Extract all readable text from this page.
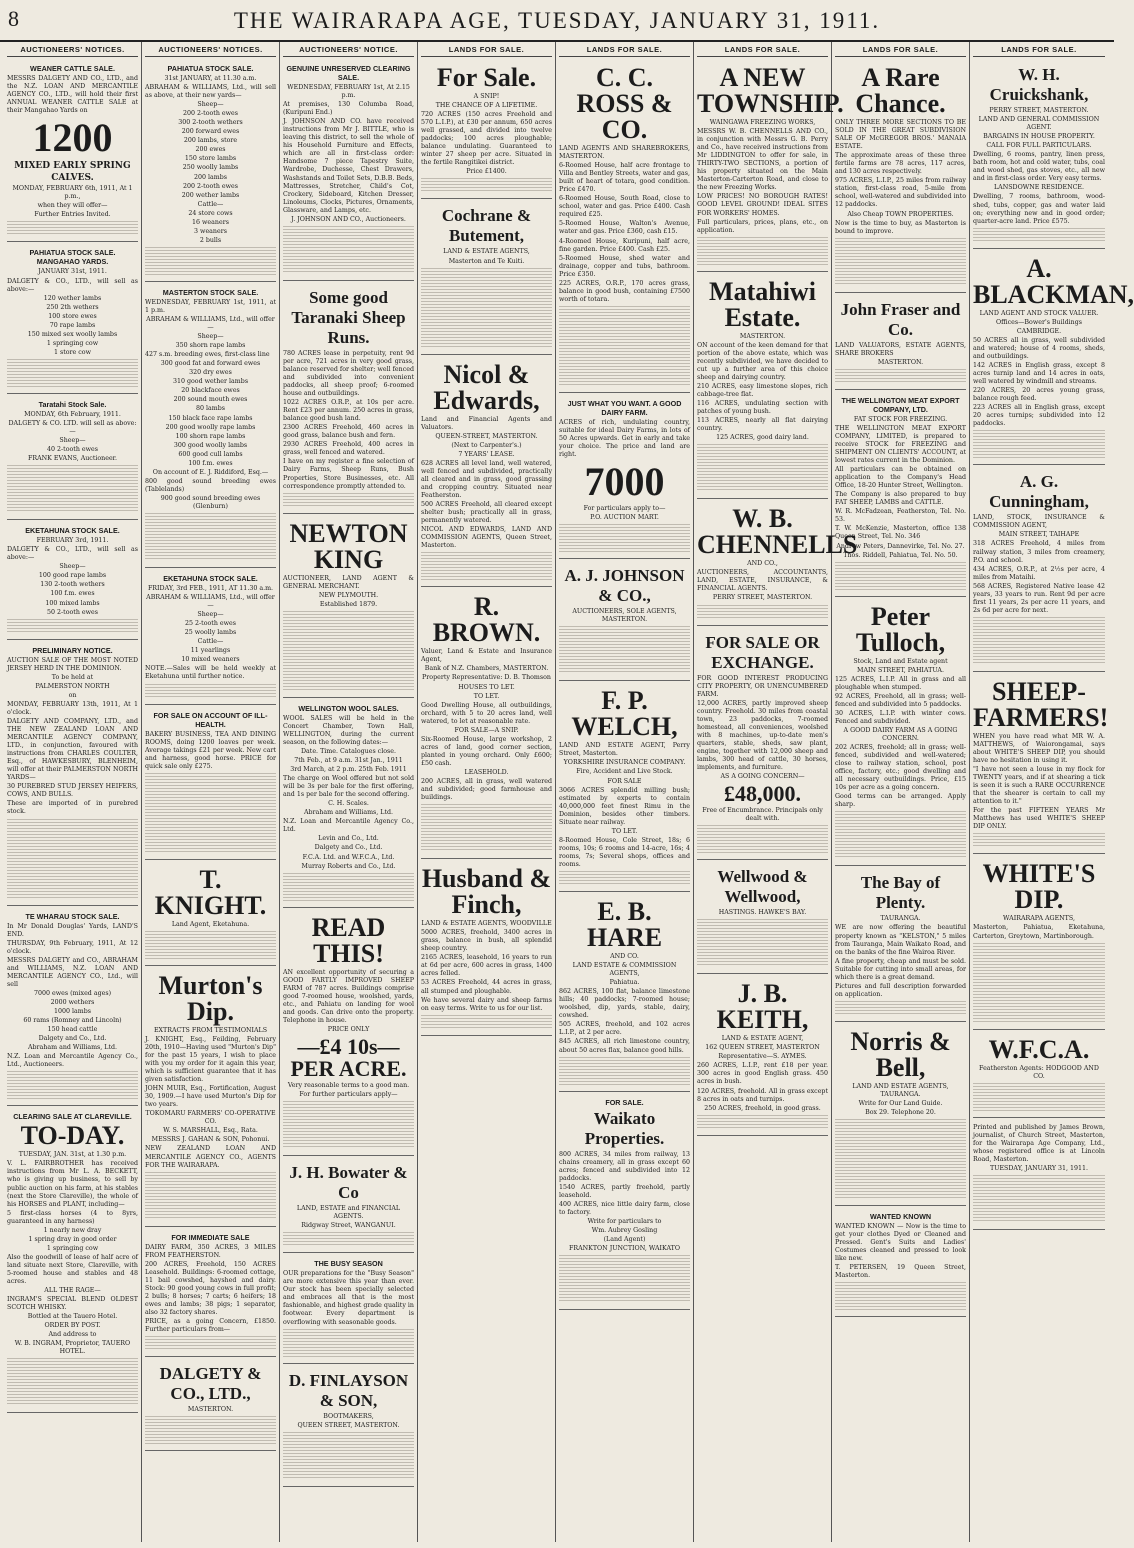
8	THE WAIRARAPA AGE, TUESDAY, JANUARY 31, 1911.
AUCTIONEERS' NOTICES.
WEANER CATTLE SALE.

MESSRS DALGETY AND CO., LTD., and the N.Z. LOAN AND MERCANTILE AGENCY CO., LTD., will hold their first ANNUAL WEANER CATTLE SALE at their Mangahao Yards on

1200

MIXED EARLY SPRING CALVES.

MONDAY, FEBRUARY 6th, 1911, At 1 p.m.,

when they will offer—

Further Entries Invited.

PAHIATUA STOCK SALE. MANGAHAO YARDS.

JANUARY 31st, 1911.

DALGETY & CO., LTD., will sell as above:—

120 wether lambs

250 2th wethers

100 store ewes

70 rape lambs

150 mixed sex woolly lambs

1 springing cow

1 store cow

Taratahi Stock Sale.

MONDAY, 6th February, 1911.

DALGETY & CO. LTD. will sell as above:—

Sheep—

40 2-tooth ewes

FRANK EVANS, Auctioneer.

EKETAHUNA STOCK SALE.

FEBRUARY 3rd, 1911.

DALGETY & CO., LTD., will sell as above:—

Sheep—

100 good rape lambs

130 2-tooth wethers

100 f.m. ewes

100 mixed lambs

50 2-tooth ewes

PRELIMINARY NOTICE.

AUCTION SALE OF THE MOST NOTED JERSEY HERD IN THE DOMINION.

To be held at

PALMERSTON NORTH

on

MONDAY, FEBRUARY 13th, 1911, At 1 o'clock.

DALGETY AND COMPANY, LTD., and THE NEW ZEALAND LOAN AND MERCANTILE AGENCY COMPANY, LTD., in conjunction, favoured with instructions from CHARLES COULTER, Esq., of HAWKESBURY, BLENHEIM, will offer at their PALMERSTON NORTH YARDS—

30 PUREBRED STUD JERSEY HEIFERS, COWS, AND BULLS.

These are imported of in purebred stock.

TE WHARAU STOCK SALE.

In Mr Donald Douglas' Yards, LAND'S END.

THURSDAY, 9th February, 1911, At 12 o'clock.

MESSRS DALGETY and CO., ABRAHAM and WILLIAMS, N.Z. LOAN AND MERCANTILE AGENCY CO., Ltd., will sell

7000 ewes (mixed ages)

2000 wethers

1000 lambs

60 rams (Romney and Lincoln)

150 head cattle

Dalgety and Co., Ltd.

Abraham and Williams, Ltd.

N.Z. Loan and Mercantile Agency Co., Ltd., Auctioneers.

CLEARING SALE AT CLAREVILLE.
TO-DAY.

TUESDAY, JAN. 31st, at 1.30 p.m.

V. L. FAIRBROTHER has received instructions from Mr L. A. BECKETT, who is giving up business, to sell by public auction on his farm, at his stables (next the Store Clareville), the whole of his HORSES and PLANT, including—

5 first-class horses (4 to 8yrs, guaranteed in any harness)

1 nearly new dray

1 spring dray in good order

1 springing cow

Also the goodwill of lease of half acre of land situate next Store, Clareville, with 5-roomed house and stables and 48 acres.

ALL THE RAGE—

INGRAM'S SPECIAL BLEND OLDEST SCOTCH WHISKY.

Bottled at the Tauero Hotel.

ORDER BY POST.

And address to

W. B. INGRAM, Proprietor, TAUERO HOTEL.

AUCTIONEERS' NOTICES.
PAHIATUA STOCK SALE.

31st JANUARY, at 11.30 a.m.

ABRAHAM & WILLIAMS, Ltd., will sell as above, at their new yards—

Sheep—

200 2-tooth ewes

300 2-tooth wethers

200 forward ewes

200 lambs, store

200 ewes

150 store lambs

250 woolly lambs

200 lambs

200 2-tooth ewes

200 wether lambs

Cattle—

24 store cows

16 weaners

3 weaners

2 bulls

MASTERTON STOCK SALE.

WEDNESDAY, FEBRUARY 1st, 1911, at 1 p.m.

ABRAHAM & WILLIAMS, Ltd., will offer—

Sheep—

350 shorn rape lambs

427 s.m. breeding ewes, first-class line

300 good fat and forward ewes

320 dry ewes

310 good wether lambs

20 blackface ewes

200 sound mouth ewes

80 lambs

150 black face rape lambs

200 good woolly rape lambs

100 shorn rape lambs

300 good woolly lambs

600 good cull lambs

100 f.m. ewes

On account of E. J. Riddiford, Esq.—

800 good sound breeding ewes (Tablelands)

900 good sound breeding ewes (Glenburn)

EKETAHUNA STOCK SALE.

FRIDAY, 3rd FEB., 1911, AT 11.30 a.m.

ABRAHAM & WILLIAMS, Ltd., will offer—

Sheep—

25 2-tooth ewes

25 woolly lambs

Cattle—

11 yearlings

10 mixed weaners

NOTE.—Sales will be held weekly at Eketahuna until further notice.

FOR SALE ON ACCOUNT OF ILL-HEALTH.

BAKERY BUSINESS, TEA AND DINING ROOMS, doing 1200 loaves per week. Average takings £21 per week. New cart and harness, good horse. PRICE for quick sale only £275.

T. KNIGHT.

Land Agent, Eketahuna.

Murton's Dip.

EXTRACTS FROM TESTIMONIALS

J. KNIGHT, Esq., Feilding, February 20th, 1910—Having used "Murton's Dip" for the past 15 years, I wish to place with you my order for it again this year, which is sufficient guarantee that it has given satisfaction.

JOHN MUIR, Esq., Fortification, August 30, 1909.—I have used Murton's Dip for two years.

TOKOMARU FARMERS' CO-OPERATIVE CO.

W. S. MARSHALL, Esq., Rata.

MESSRS J. GAHAN & SON, Pohonui.

NEW ZEALAND LOAN AND MERCANTILE AGENCY CO., AGENTS FOR THE WAIRARAPA.

FOR IMMEDIATE SALE

DAIRY FARM, 350 ACRES, 3 MILES FROM FEATHERSTON.

200 ACRES, Freehold, 150 ACRES Leasehold. Buildings: 6-roomed cottage, 11 bail cowshed, hayshed and dairy. Stock: 90 good young cows in full profit; 2 bulls; 8 horses; 7 carts; 6 heifers; 18 ewes and lambs; 38 pigs; 1 separator, also 32 factory shares.

PRICE, as a going Concern, £1850. Further particulars from—

DALGETY & CO., LTD.,

MASTERTON.

AUCTIONEERS' NOTICE.
GENUINE UNRESERVED CLEARING SALE.

WEDNESDAY, FEBRUARY 1st, At 2.15 p.m.

At premises, 130 Columba Road, (Kuripuni End.)

J. JOHNSON AND CO. have received instructions from Mr J. BITTLE, who is leaving this district, to sell the whole of his Household Furniture and Effects, which are all in first-class order: Handsome 7 piece Tapestry Suite, Wardrobe, Duchesse, Chest Drawers, Washstands and Toilet Sets, D.B.B. Beds, Mattresses, Stretcher, Child's Cot, Crockery, Sideboard, Kitchen Dresser, Linoleums, Clocks, Pictures, Ornaments, Glassware, and Lamps, etc.

J. JOHNSON AND CO., Auctioneers.

Some good Taranaki Sheep Runs.

780 ACRES lease in perpetuity, rent 9d per acre, 721 acres in very good grass, balance reserved for shelter; well fenced and subdivided into convenient paddocks, all sheep proof; 6-roomed house and outbuildings.

1022 ACRES O.R.P., at 10s per acre. Rent £23 per annum. 250 acres in grass, balance good bush land.

2300 ACRES Freehold, 460 acres in good grass, balance bush and fern.

2930 ACRES Freehold, 400 acres in grass, well fenced and watered.

I have on my register a fine selection of Dairy Farms, Sheep Runs, Bush Properties, Store Businesses, etc. All correspondence promptly attended to.

NEWTON KING

AUCTIONEER, LAND AGENT & GENERAL MERCHANT.

NEW PLYMOUTH.

Established 1879.

WELLINGTON WOOL SALES.

WOOL SALES will be held in the Concert Chamber, Town Hall, WELLINGTON, during the current season, on the following dates:—

Date. Time. Catalogues close.

7th Feb., at 9 a.m. 31st Jan., 1911

3rd March, at 2 p.m. 25th Feb. 1911

The charge on Wool offered but not sold will be 3s per bale for the first offering, and 1s per bale for the second offering.

C. H. Scales.

Abraham and Williams, Ltd.

N.Z. Loan and Mercantile Agency Co., Ltd.

Levin and Co., Ltd.

Dalgety and Co., Ltd.

F.C.A. Ltd. and W.F.C.A., Ltd.

Murray Roberts and Co., Ltd.

READ THIS!

AN excellent opportunity of securing a GOOD FARTLY IMPROVED SHEEP FARM of 787 acres. Buildings comprise good 7-roomed house, woolshed, yards, etc., and Pahiatu on landing for wool and goods. Can drive onto the property. Telephone in house.

PRICE ONLY

—£4 10s— PER ACRE.

Very reasonable terms to a good man.

For further particulars apply—

J. H. Bowater & Co

LAND, ESTATE and FINANCIAL AGENTS.

Ridgway Street, WANGANUI.

THE BUSY SEASON

OUR preparations for the "Busy Season" are more extensive this year than ever. Our stock has been specially selected and embraces all that is the most fashionable, and highest grade quality in footwear. Every department is overflowing with seasonable goods.

D. FINLAYSON & SON,

BOOTMAKERS,

QUEEN STREET, MASTERTON.

LANDS FOR SALE.
For Sale.

A SNIP!

THE CHANCE OF A LIFETIME.

720 ACRES (150 acres Freehold and 570 L.I.P.), at £30 per annum, 650 acres well grassed, and divided into twelve paddocks; 100 acres ploughable; balance undulating. Guaranteed to winter 27 sheep per acre. Situated in the fertile Rangitikei district.

Price £1400.

Cochrane & Butement,

LAND & ESTATE AGENTS,

Masterton and Te Kuiti.

Nicol & Edwards,

Land and Financial Agents and Valuators.

QUEEN-STREET, MASTERTON.

(Next to Carpenter's.)

7 YEARS' LEASE.

628 ACRES all level land, well watered, well fenced and subdivided, practically all cleared and in grass, good grassing and cropping country. Situated near Featherston.

500 ACRES Freehold, all cleared except shelter bush; practically all in grass, permanently watered.

NICOL AND EDWARDS, LAND AND COMMISSION AGENTS, Queen Street, Masterton.

R. BROWN.

Valuer, Land & Estate and Insurance Agent,

Bank of N.Z. Chambers, MASTERTON.

Property Representative: D. B. Thomson

HOUSES TO LET.

TO LET.

Good Dwelling House, all outbuildings, orchard, with 5 to 20 acres land, well watered, to let at reasonable rate.

FOR SALE—A SNIP.

Six-Roomed House, large workshop, 2 acres of land, good corner section, planted in young orchard. Only £600; £50 cash.

LEASEHOLD.

200 ACRES, all in grass, well watered and subdivided; good farmhouse and buildings.

Husband & Finch,

LAND & ESTATE AGENTS, WOODVILLE

5000 ACRES, freehold, 3400 acres in grass, balance in bush, all splendid sheep country.

2165 ACRES, leasehold, 16 years to run at 6d per acre, 600 acres in grass, 1400 acres felled.

53 ACRES Freehold, 44 acres in grass, all stumped and ploughable.

We have several dairy and sheep farms on easy terms. Write to us for our list.

LANDS FOR SALE.
C. C. ROSS & CO.

LAND AGENTS AND SHAREBROKERS, MASTERTON.

6-Roomed House, half acre frontage to Villa and Bentley Streets, water and gas, built of heart of totara, good condition. Price £470.

6-Roomed House, South Road, close to school, water and gas. Price £400. Cash required £25.

5-Roomed House, Walton's Avenue, water and gas. Price £360, cash £15.

4-Roomed House, Kuripuni, half acre, fine garden. Price £400. Cash £25.

5-Roomed House, shed water and drainage, copper and tubs, bathroom. Price £350.

225 ACRES, O.R.P., 170 acres grass, balance in good bush, containing £7500 worth of totara.

JUST WHAT YOU WANT. A GOOD DAIRY FARM.

ACRES of rich, undulating country, suitable for ideal Dairy Farms, in lots of 50 Acres upwards. Get in early and take your choice. The price and land are right.

7000

For particulars apply to—

P.O. AUCTION MART.

A. J. JOHNSON & CO.,

AUCTIONEERS, SOLE AGENTS, MASTERTON.

F. P. WELCH,

LAND AND ESTATE AGENT, Perry Street, Masterton.

YORKSHIRE INSURANCE COMPANY.

Fire, Accident and Live Stock.

FOR SALE

3066 ACRES splendid milling bush; estimated by experts to contain 40,000,000 feet finest Rimu in the Dominion, besides other timbers. Situate near railway.

TO LET.

8-Roomed House, Cole Street, 18s; 6 rooms, 10s; 6 rooms and 14-acre, 16s; 4 rooms, 7s; Several shops, offices and rooms.

E. B. HARE

AND CO.

LAND ESTATE & COMMISSION AGENTS,

Pahiatua.

862 ACRES, 100 flat, balance limestone hills; 40 paddocks; 7-roomed house; woolshed, dip, yards, stable, dairy, cowshed.

505 ACRES, freehold, and 102 acres L.I.P., at 2 per acre.

845 ACRES, all rich limestone country, about 50 acres flax, balance good hills.

FOR SALE.
Waikato Properties.

800 ACRES, 34 miles from railway, 13 chains creamery, all in grass except 60 acres; fenced and subdivided into 12 paddocks.

1540 ACRES, partly freehold, partly leasehold.

400 ACRES, nice little dairy farm, close to factory.

Write for particulars to

Wm. Aubrey Gosling

(Land Agent)

FRANKTON JUNCTION, WAIKATO

LANDS FOR SALE.
A NEW TOWNSHIP.

WAINGAWA FREEZING WORKS,

MESSRS W. B. CHENNELLS AND CO., in conjunction with Messrs G. B. Perry and Co., have received instructions from Mr LIDDINGTON to offer for sale, in THIRTY-TWO SECTIONS, a portion of his property situated on the Main Masterton-Carterton Road, and close to the new Freezing Works.

LOW PRICES! NO BOROUGH RATES! GOOD LEVEL GROUND! IDEAL SITES FOR WORKERS' HOMES.

Full particulars, prices, plans, etc., on application.

Matahiwi Estate.

MASTERTON.

ON account of the keen demand for that portion of the above estate, which was recently subdivided, we have decided to cut up a further area of this choice sheep and dairying country.

210 ACRES, easy limestone slopes, rich cabbage-tree flat.

116 ACRES, undulating section with patches of young bush.

113 ACRES, nearly all flat dairying country.

125 ACRES, good dairy land.

W. B. CHENNELLS

AND CO.,

AUCTIONEERS, ACCOUNTANTS, LAND, ESTATE, INSURANCE, & FINANCIAL AGENTS.

PERRY STREET, MASTERTON.

FOR SALE OR EXCHANGE.

FOR GOOD INTEREST PRODUCING CITY PROPERTY, OR UNENCUMBERED FARM.

12,000 ACRES, partly improved sheep country. Freehold. 30 miles from coastal town, 23 paddocks, 7-roomed homestead, all conveniences, woolshed with 8 machines, up-to-date men's quarters, stable, sheds, saw plant, engine, together with 12,000 sheep and lambs, 300 head of cattle, 30 horses, implements, and furniture.

AS A GOING CONCERN—

£48,000.

Free of Encumbrance. Principals only dealt with.

Wellwood & Wellwood,

HASTINGS. HAWKE'S BAY.

J. B. KEITH,

LAND & ESTATE AGENT,

162 QUEEN STREET, MASTERTON

Representative—S. AYMES.

260 ACRES, L.I.P., rent £18 per year. 300 acres in good English grass. 450 acres in bush.

120 ACRES, freehold. All in grass except 8 acres in oats and turnips.

250 ACRES, freehold, in good grass.

LANDS FOR SALE.
A Rare Chance.

ONLY THREE MORE SECTIONS TO BE SOLD IN THE GREAT SUBDIVISION SALE OF McGREGOR BROS.' MANAIA ESTATE.

The approximate areas of these three fertile farms are 78 acres, 117 acres, and 130 acres respectively.

975 ACRES, L.I.P., 25 miles from railway station, first-class road, 5-mile from school, well-watered and subdivided into 12 paddocks.

Also Cheap TOWN PROPERTIES.

Now is the time to buy, as Masterton is bound to improve.

John Fraser and Co.

LAND VALUATORS, ESTATE AGENTS, SHARE BROKERS

MASTERTON.

THE WELLINGTON MEAT EXPORT COMPANY, LTD.

FAT STOCK FOR FREEZING.

THE WELLINGTON MEAT EXPORT COMPANY, LIMITED, is prepared to receive STOCK for FREEZING and SHIPMENT ON CLIENTS' ACCOUNT, at lowest rates current in the Dominion.

All particulars can be obtained on application to the Company's Head Office, 18-20 Hunter Street, Wellington.

The Company is also prepared to buy FAT SHEEP, LAMBS and CATTLE.

W. R. McFadzean, Featherston, Tel. No. 53.

T. W. McKenzie, Masterton, office 138 Queen Street, Tel. No. 346

Andrew Peters, Dannevirke, Tel. No. 27.

Thos. Riddell, Pahiatua, Tel. No. 50.

Peter Tulloch,

Stock, Land and Estate agent

MAIN STREET, PAHIATUA.

125 ACRES, L.I.P. All in grass and all ploughable when stumped.

92 ACRES, Freehold, all in grass; well-fenced and subdivided into 5 paddocks.

30 ACRES, L.I.P. with winter cows. Fenced and subdivided.

A GOOD DAIRY FARM AS A GOING CONCERN.

202 ACRES, freehold; all in grass; well-fenced, subdivided and well-watered; close to railway station, school, post office, factory, etc.; good dwelling and all necessary outbuildings. Price, £15 10s per acre as a going concern.

Good terms can be arranged. Apply sharp.

The Bay of Plenty.

TAURANGA.

WE are now offering the beautiful property known as "KELSTON," 5 miles from Tauranga, Main Waikato Road, and on the banks of the fine Wairoa River.

A fine property, cheap and must be sold. Suitable for cutting into small areas, for which there is a great demand.

Pictures and full description forwarded on application.

Norris & Bell,

LAND AND ESTATE AGENTS, TAURANGA.

Write for Our Land Guide.

Box 29. Telephone 20.

WANTED KNOWN

WANTED KNOWN — Now is the time to get your clothes Dyed or Cleaned and Pressed. Gent's Suits and Ladies' Costumes cleaned and pressed to look like new.

T. PETERSEN, 19 Queen Street, Masterton.

LANDS FOR SALE.
W. H. Cruickshank,

PERRY STREET, MASTERTON.

LAND AND GENERAL COMMISSION AGENT.

BARGAINS IN HOUSE PROPERTY.

CALL FOR FULL PARTICULARS.

Dwelling, 6 rooms, pantry, linen press, bath room, hot and cold water, tubs, coal and wood shed, gas stoves, etc., all new and in first-class order. Very easy terms.

LANSDOWNE RESIDENCE.

Dwelling, 7 rooms, bathroom, wood-shed, tubs, copper, gas and water laid on; everything new and in good order; quarter-acre land. Price £575.

A. BLACKMAN,

LAND AGENT AND STOCK VALUER.

Offices—Bower's Buildings

CAMBRIDGE.

50 ACRES all in grass, well subdivided and watered; house of 4 rooms, sheds, and outbuildings.

142 ACRES in English grass, except 8 acres turnip land and 14 acres in oats, well watered by windmill and streams.

220 ACRES, 20 acres young grass, balance rough feed.

223 ACRES all in English grass, except 20 acres turnips; subdivided into 12 paddocks.

A. G. Cunningham,

LAND, STOCK, INSURANCE & COMMISSION AGENT,

MAIN STREET, TAIHAPE

318 ACRES Freehold, 4 miles from railway station, 3 miles from creamery, P.O. and school.

434 ACRES, O.R.P., at 2½s per acre, 4 miles from Mataihi.

568 ACRES, Registered Native lease 42 years, 33 years to run. Rent 9d per acre first 11 years, 2s per acre 11 years, and 2s 6d per acre for next.

SHEEP-FARMERS!

WHEN you have read what MR W. A. MATTHEWS, of Waiorongamai, says about WHITE'S SHEEP DIP, you should have no hesitation in using it.

"I have not seen a louse in my flock for TWENTY years, and if at shearing a tick is seen it is such a RARE OCCURRENCE that the shearer is certain to call my attention to it."

For the past FIFTEEN YEARS Mr Matthews has used WHITE'S SHEEP DIP ONLY.

WHITE'S DIP.

WAIRARAPA AGENTS,

Masterton, Pahiatua, Eketahuna, Carterton, Greytown, Martinborough.

W.F.C.A.

Featherston Agents: HODGOOD AND CO.

Printed and published by James Brown, journalist, of Church Street, Masterton, for the Wairarapa Age Company, Ltd., whose registered office is at Lincoln Road, Masterton.

TUESDAY, JANUARY 31, 1911.
